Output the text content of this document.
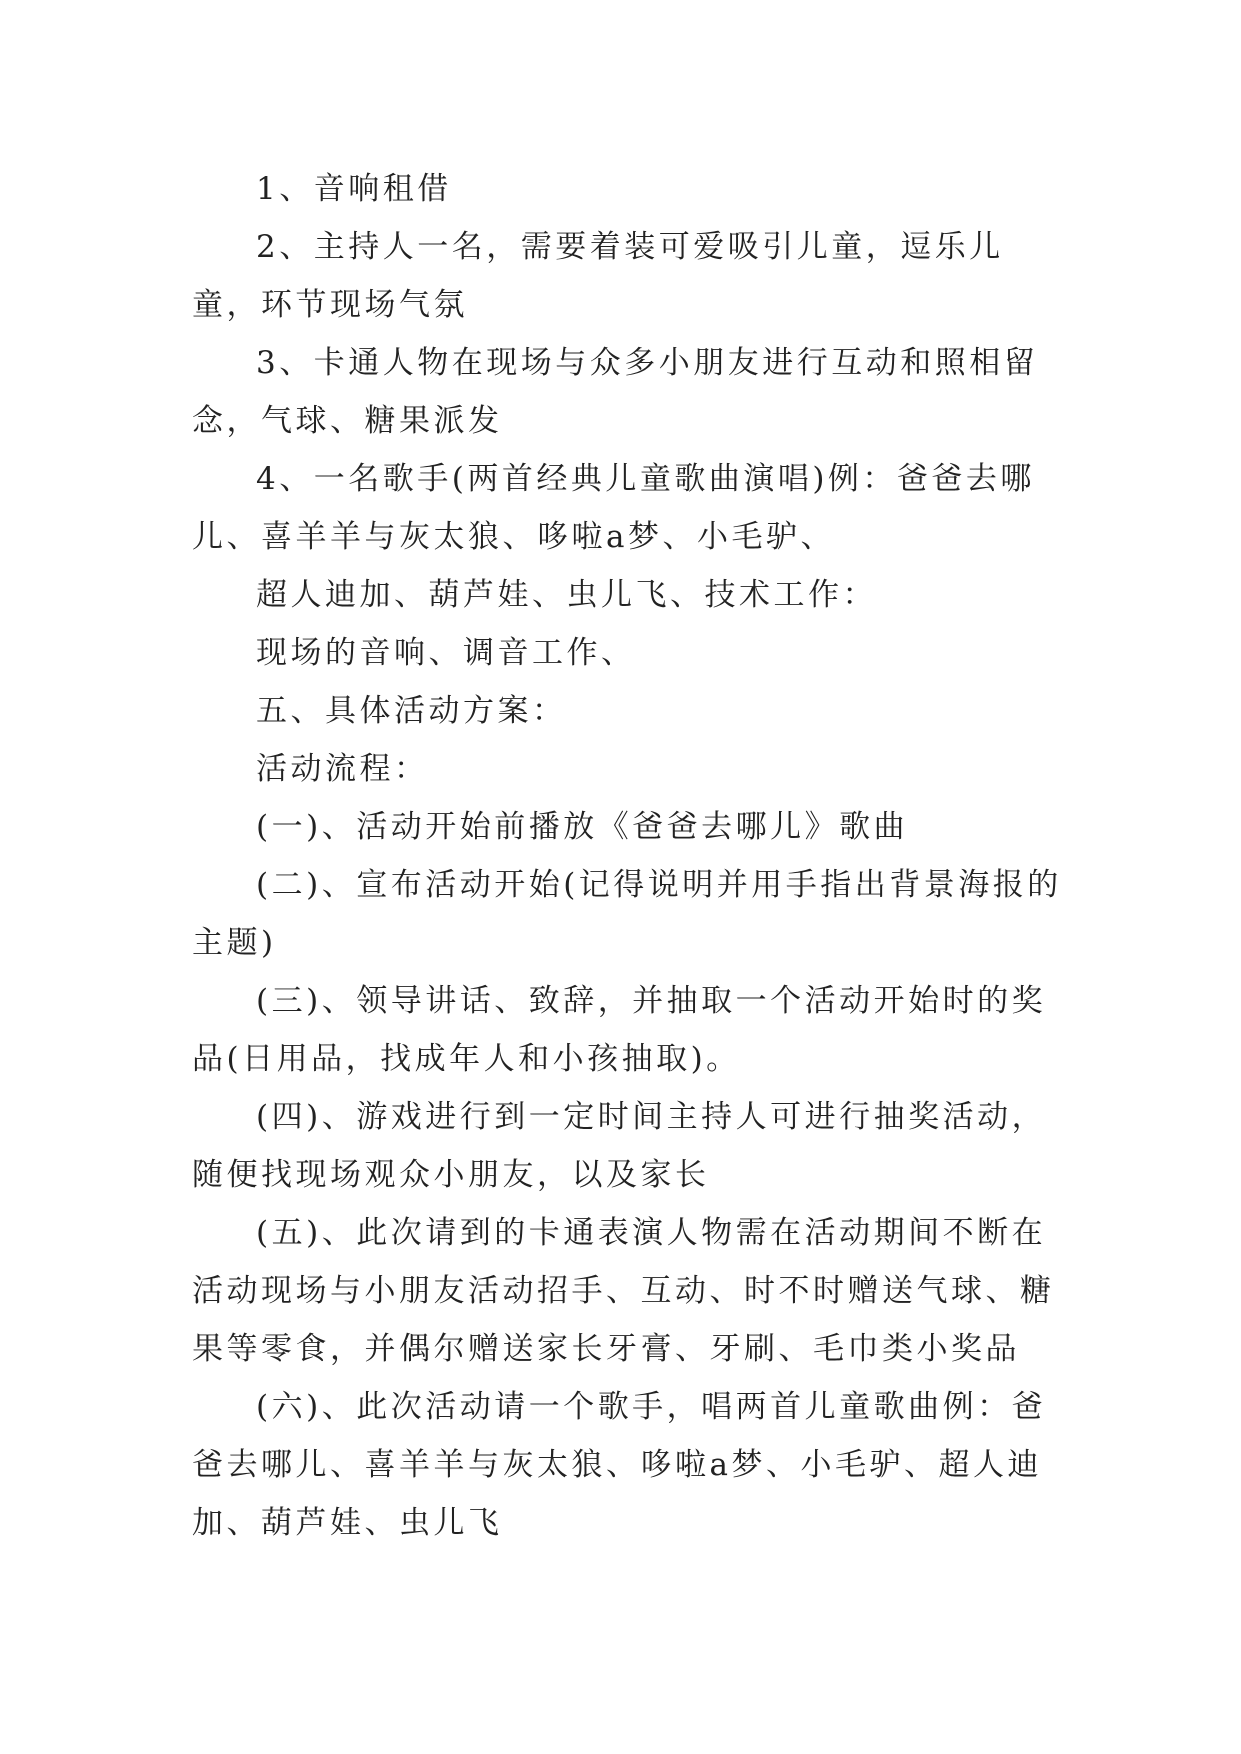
1、音响租借

2、主持人一名，需要着装可爱吸引儿童，逗乐儿童，环节现场气氛

3、卡通人物在现场与众多小朋友进行互动和照相留念，气球、糖果派发

4、一名歌手(两首经典儿童歌曲演唱)例：爸爸去哪儿、喜羊羊与灰太狼、哆啦a梦、小毛驴、

超人迪加、葫芦娃、虫儿飞、技术工作：

现场的音响、调音工作、

五、具体活动方案：

活动流程：

(一)、活动开始前播放《爸爸去哪儿》歌曲

(二)、宣布活动开始(记得说明并用手指出背景海报的主题)

(三)、领导讲话、致辞，并抽取一个活动开始时的奖品(日用品，找成年人和小孩抽取)。

(四)、游戏进行到一定时间主持人可进行抽奖活动，随便找现场观众小朋友，以及家长

(五)、此次请到的卡通表演人物需在活动期间不断在活动现场与小朋友活动招手、互动、时不时赠送气球、糖果等零食，并偶尔赠送家长牙膏、牙刷、毛巾类小奖品

(六)、此次活动请一个歌手，唱两首儿童歌曲例：爸爸去哪儿、喜羊羊与灰太狼、哆啦a梦、小毛驴、超人迪加、葫芦娃、虫儿飞
